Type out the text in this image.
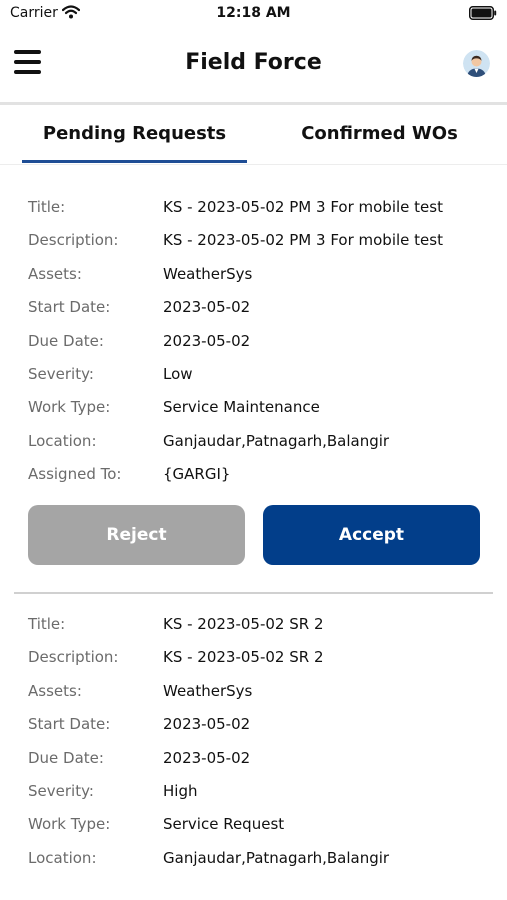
Carrier	12:18 AM
Field Force
Pending Requests	Confirmed WOs
Title:	KS - 2023-05-02 PM 3 For mobile test
Description:	KS - 2023-05-02 PM 3 For mobile test
Assets:	WeatherSys
Start Date:	2023-05-02
Due Date:	2023-05-02
Severity:	Low
Work Type:	Service Maintenance
Location:	Ganjaudar,Patnagarh,Balangir
Assigned To:	{GARGI}
Reject	Accept
Title:	KS - 2023-05-02 SR 2
Description:	KS - 2023-05-02 SR 2
Assets:	WeatherSys
Start Date:	2023-05-02
Due Date:	2023-05-02
Severity:	High
Work Type:	Service Request
Location:	Ganjaudar,Patnagarh,Balangir
